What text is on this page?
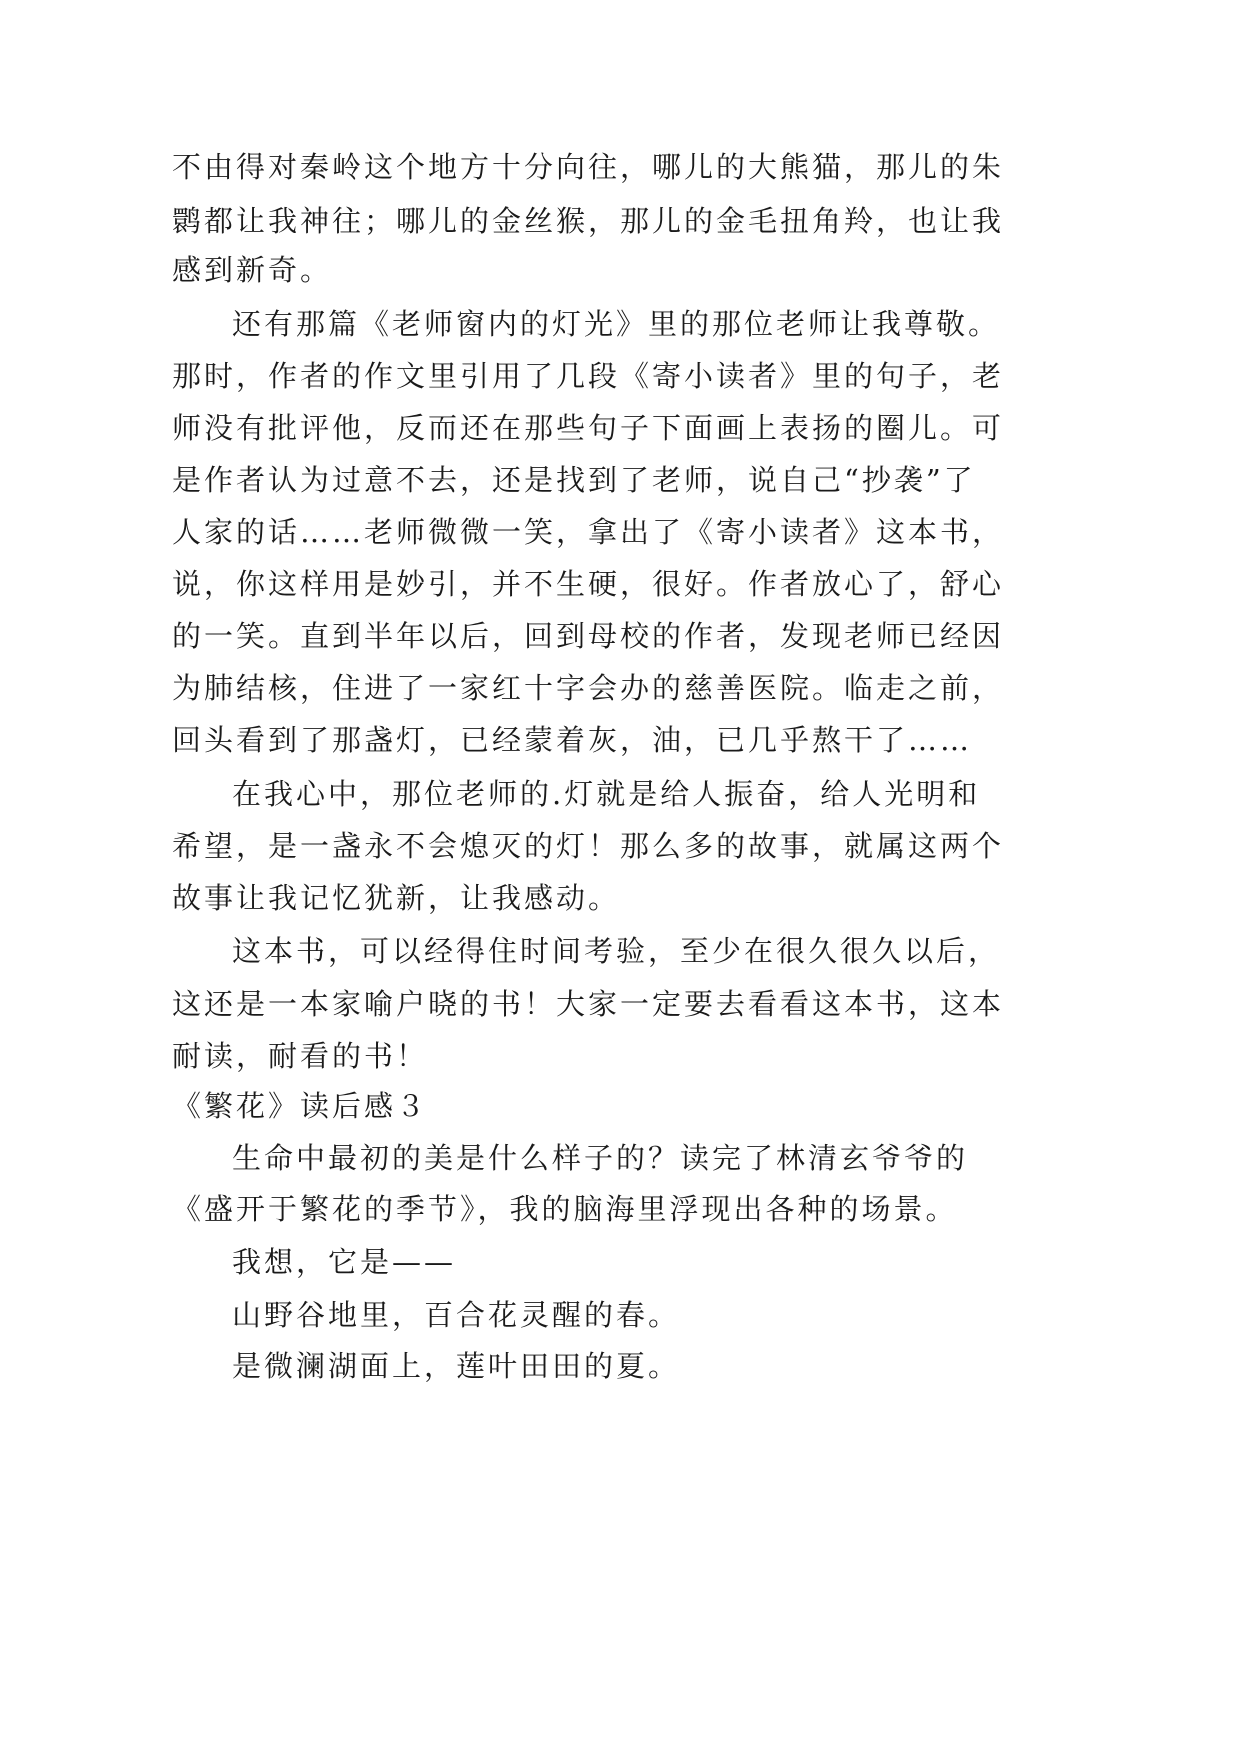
不由得对秦岭这个地方十分向往，哪儿的大熊猫，那儿的朱
鹮都让我神往；哪儿的金丝猴，那儿的金毛扭角羚，也让我
感到新奇。
还有那篇《老师窗内的灯光》里的那位老师让我尊敬。
那时，作者的作文里引用了几段《寄小读者》里的句子，老
师没有批评他，反而还在那些句子下面画上表扬的圈儿。可
是作者认为过意不去，还是找到了老师，说自己“抄袭”了
人家的话……老师微微一笑，拿出了《寄小读者》这本书，
说，你这样用是妙引，并不生硬，很好。作者放心了，舒心
的一笑。直到半年以后，回到母校的作者，发现老师已经因
为肺结核，住进了一家红十字会办的慈善医院。临走之前，
回头看到了那盏灯，已经蒙着灰，油，已几乎熬干了……
在我心中，那位老师的.灯就是给人振奋，给人光明和
希望，是一盏永不会熄灭的灯！那么多的故事，就属这两个
故事让我记忆犹新，让我感动。
这本书，可以经得住时间考验，至少在很久很久以后，
这还是一本家喻户晓的书！大家一定要去看看这本书，这本
耐读，耐看的书！
《繁花》读后感３
生命中最初的美是什么样子的？读完了林清玄爷爷的
《盛开于繁花的季节》，我的脑海里浮现出各种的场景。
我想，它是——
山野谷地里，百合花灵醒的春。
是微澜湖面上，莲叶田田的夏。
